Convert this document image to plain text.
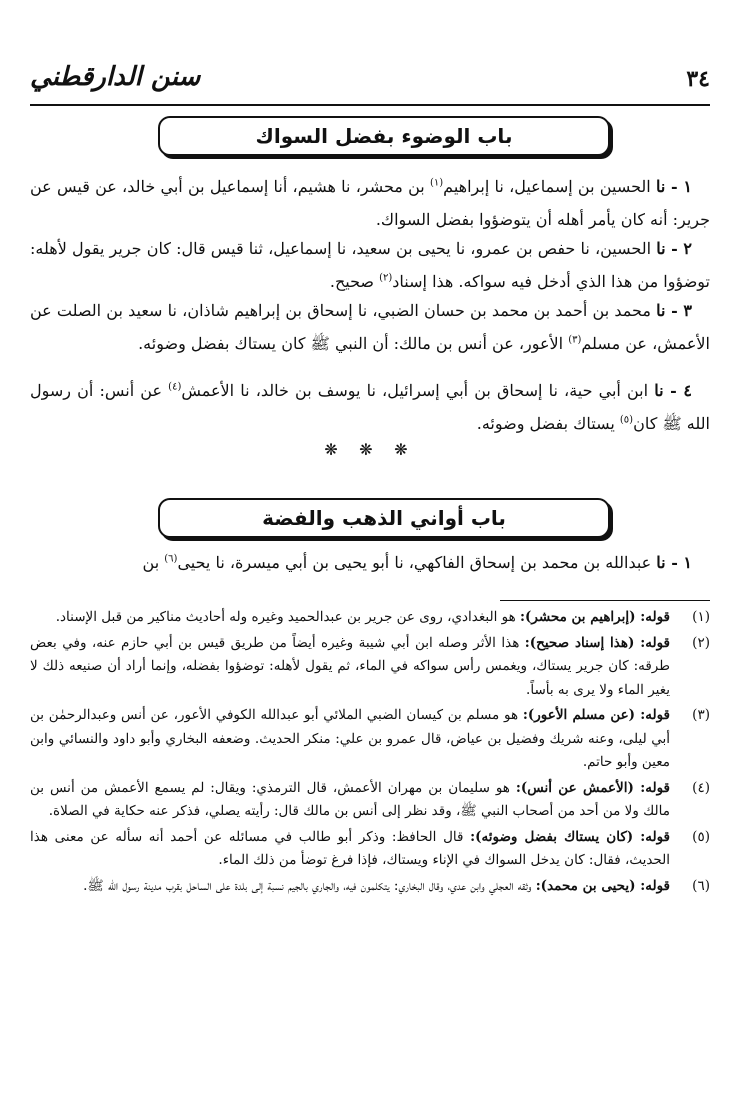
٣٤
سنن الدارقطني
باب الوضوء بفضل السواك
١ - نا الحسين بن إسماعيل، نا إبراهيم$^{(١)}$ بن محشر، نا هشيم، أنا إسماعيل بن أبي خالد، عن قيس عن جرير: أنه كان يأمر أهله أن يتوضؤوا بفضل السواك.
٢ - نا الحسين، نا حفص بن عمرو، نا يحيى بن سعيد، نا إسماعيل، ثنا قيس قال: كان جرير يقول لأهله: توضؤوا من هذا الذي أدخل فيه سواكه. هذا إسناد$^{(٢)}$ صحيح.
٣ - نا محمد بن أحمد بن محمد بن حسان الضبي، نا إسحاق بن إبراهيم شاذان، نا سعيد بن الصلت عن الأعمش، عن مسلم$^{(٣)}$ الأعور، عن أنس بن مالك: أن النبي ﷺ كان يستاك بفضل وضوئه.
٤ - نا ابن أبي حية، نا إسحاق بن أبي إسرائيل، نا يوسف بن خالد، نا الأعمش$^{(٤)}$ عن أنس: أن رسول الله ﷺ كان$^{(٥)}$ يستاك بفضل وضوئه.
❋ ❋ ❋
باب أواني الذهب والفضة
١ - نا عبدالله بن محمد بن إسحاق الفاكهي، نا أبو يحيى بن أبي ميسرة، نا يحيى$^{(٦)}$ بن
(١)
قوله: (إبراهيم بن محشر): هو البغدادي، روى عن جرير بن عبدالحميد وغيره وله أحاديث مناكير من قبل الإسناد.
(٢)
قوله: (هذا إسناد صحيح): هذا الأثر وصله ابن أبي شيبة وغيره أيضاً من طريق قيس بن أبي حازم عنه، وفي بعض طرقه: كان جرير يستاك، ويغمس رأس سواكه في الماء، ثم يقول لأهله: توضؤوا بفضله، وإنما أراد أن صنيعه ذلك لا يغير الماء ولا يرى به بأساً.
(٣)
قوله: (عن مسلم الأعور): هو مسلم بن كيسان الضبي الملائي أبو عبدالله الكوفي الأعور، عن أنس وعبدالرحمٰن بن أبي ليلى، وعنه شريك وفضيل بن عياض، قال عمرو بن علي: منكر الحديث. وضعفه البخاري وأبو داود والنسائي وابن معين وأبو حاتم.
(٤)
قوله: (الأعمش عن أنس): هو سليمان بن مهران الأعمش، قال الترمذي: ويقال: لم يسمع الأعمش من أنس بن مالك ولا من أحد من أصحاب النبي ﷺ، وقد نظر إلى أنس بن مالك قال: رأيته يصلي، فذكر عنه حكاية في الصلاة.
(٥)
قوله: (كان يستاك بفضل وضوئه): قال الحافظ: وذكر أبو طالب في مسائله عن أحمد أنه سأله عن معنى هذا الحديث، فقال: كان يدخل السواك في الإناء ويستاك، فإذا فرغ توضأ من ذلك الماء.
(٦)
قوله: (يحيى بن محمد): وثقه العجلي وابن عدي، وقال البخاري: يتكلمون فيه، والجاري بالجيم نسبة إلى بلدة على الساحل بقرب مدينة رسول الله ﷺ.
